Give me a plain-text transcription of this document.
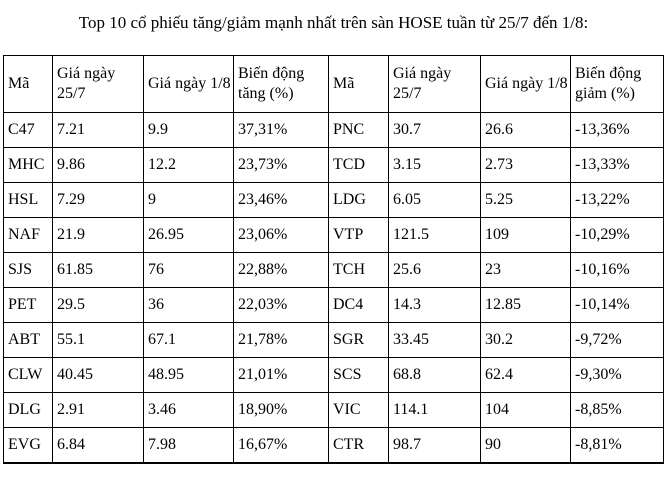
Top 10 cổ phiếu tăng/giảm mạnh nhất trên sàn HOSE tuần từ 25/7 đến 1/8:
Mã	Giá ngày 25/7	Giá ngày 1/8	Biến động tăng (%)	Mã	Giá ngày 25/7	Giá ngày 1/8	Biến động giảm (%)
C47	7.21	9.9	37,31%	PNC	30.7	26.6	-13,36%
MHC	9.86	12.2	23,73%	TCD	3.15	2.73	-13,33%
HSL	7.29	9	23,46%	LDG	6.05	5.25	-13,22%
NAF	21.9	26.95	23,06%	VTP	121.5	109	-10,29%
SJS	61.85	76	22,88%	TCH	25.6	23	-10,16%
PET	29.5	36	22,03%	DC4	14.3	12.85	-10,14%
ABT	55.1	67.1	21,78%	SGR	33.45	30.2	-9,72%
CLW	40.45	48.95	21,01%	SCS	68.8	62.4	-9,30%
DLG	2.91	3.46	18,90%	VIC	114.1	104	-8,85%
EVG	6.84	7.98	16,67%	CTR	98.7	90	-8,81%
